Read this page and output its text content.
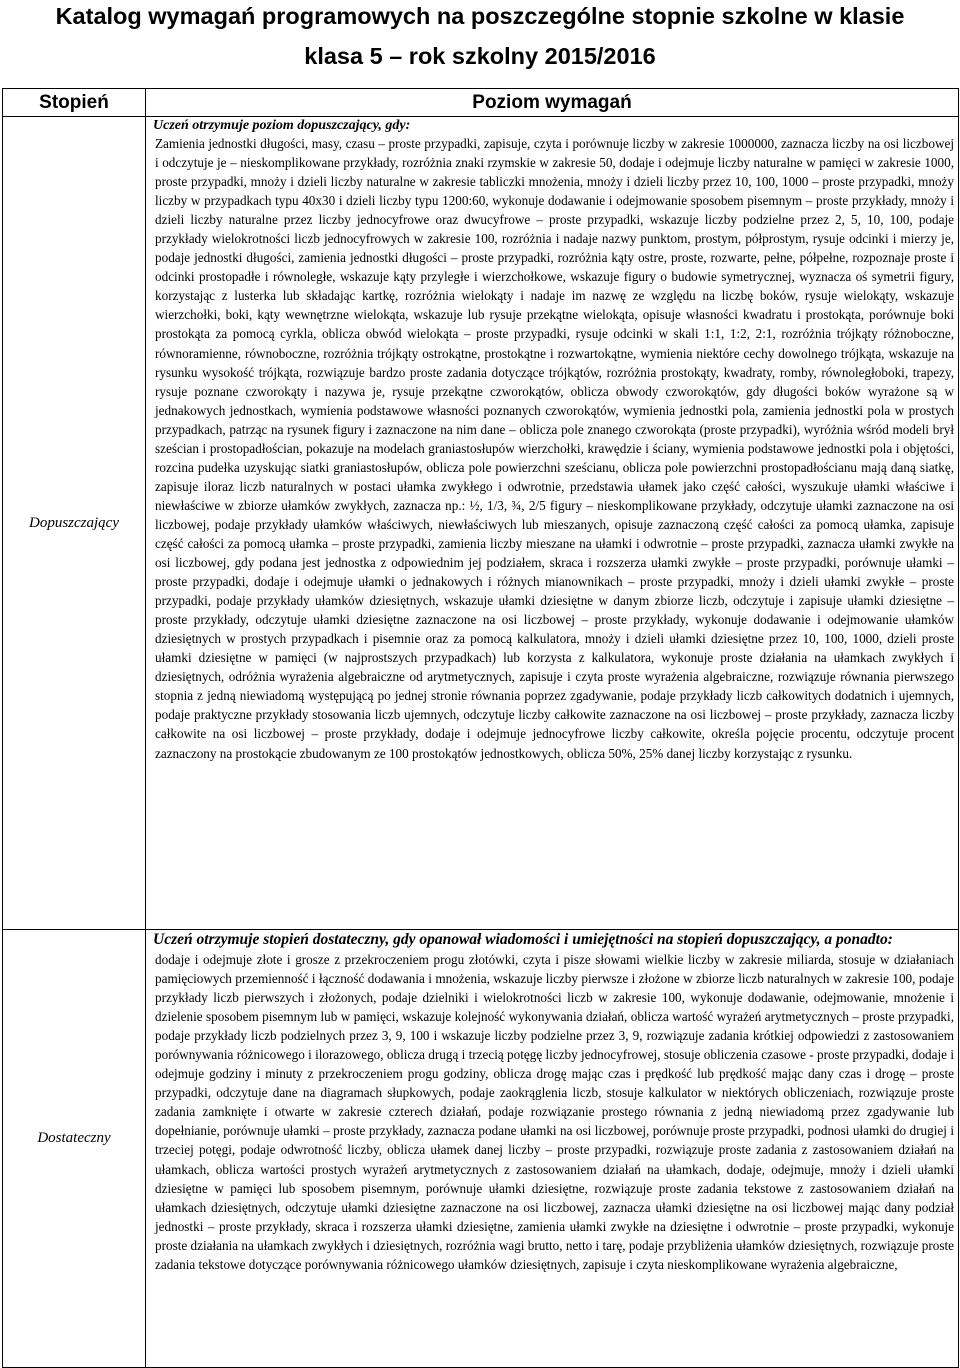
Katalog wymagań programowych na poszczególne stopnie szkolne w klasie
klasa 5 – rok szkolny 2015/2016
Stopień	Poziom wymagań
Dopuszczający	Uczeń otrzymuje poziom dopuszczający, gdy:

Zamienia jednostki długości, masy, czasu – proste przypadki, zapisuje, czyta i porównuje liczby w zakresie 1000000, zaznacza liczby na osi liczbowej i odczytuje je – nieskomplikowane przykłady, rozróżnia znaki rzymskie w zakresie 50, dodaje i odejmuje liczby naturalne w pamięci w zakresie 1000, proste przypadki, mnoży i dzieli liczby naturalne w zakresie tabliczki mnożenia, mnoży i dzieli liczby przez 10, 100, 1000 – proste przypadki, mnoży liczby w przypadkach typu 40x30 i dzieli liczby typu 1200:60, wykonuje dodawanie i odejmowanie sposobem pisemnym – proste przykłady, mnoży i dzieli liczby naturalne przez liczby jednocyfrowe oraz dwucyfrowe – proste przypadki, wskazuje liczby podzielne przez 2, 5, 10, 100, podaje przykłady wielokrotności liczb jednocyfrowych w zakresie 100, rozróżnia i nadaje nazwy punktom, prostym, półprostym, rysuje odcinki i mierzy je, podaje jednostki długości, zamienia jednostki długości – proste przypadki, rozróżnia kąty ostre, proste, rozwarte, pełne, półpełne, rozpoznaje proste i odcinki prostopadłe i równoległe, wskazuje kąty przyległe i wierzchołkowe, wskazuje figury o budowie symetrycznej, wyznacza oś symetrii figury, korzystając z lusterka lub składając kartkę, rozróżnia wielokąty i nadaje im nazwę ze względu na liczbę boków, rysuje wielokąty, wskazuje wierzchołki, boki, kąty wewnętrzne wielokąta, wskazuje lub rysuje przekątne wielokąta, opisuje własności kwadratu i prostokąta, porównuje boki prostokąta za pomocą cyrkla, oblicza obwód wielokąta – proste przypadki, rysuje odcinki w skali 1:1, 1:2, 2:1, rozróżnia trójkąty różnoboczne, równoramienne, równoboczne, rozróżnia trójkąty ostrokątne, prostokątne i rozwartokątne, wymienia niektóre cechy dowolnego trójkąta, wskazuje na rysunku wysokość trójkąta, rozwiązuje bardzo proste zadania dotyczące trójkątów, rozróżnia prostokąty, kwadraty, romby, równoległoboki, trapezy, rysuje poznane czworokąty i nazywa je, rysuje przekątne czworokątów, oblicza obwody czworokątów, gdy długości boków wyrażone są w jednakowych jednostkach, wymienia podstawowe własności poznanych czworokątów, wymienia jednostki pola, zamienia jednostki pola w prostych przypadkach, patrząc na rysunek figury i zaznaczone na nim dane – oblicza pole znanego czworokąta (proste przypadki), wyróżnia wśród modeli brył sześcian i prostopadłościan, pokazuje na modelach graniastosłupów wierzchołki, krawędzie i ściany, wymienia podstawowe jednostki pola i objętości, rozcina pudełka uzyskując siatki graniastosłupów, oblicza pole powierzchni sześcianu, oblicza pole powierzchni prostopadłościanu mają daną siatkę, zapisuje iloraz liczb naturalnych w postaci ułamka zwykłego i odwrotnie, przedstawia ułamek jako część całości, wyszukuje ułamki właściwe i niewłaściwe w zbiorze ułamków zwykłych, zaznacza np.: ½, 1/3, ¾, 2/5 figury – nieskomplikowane przykłady, odczytuje ułamki zaznaczone na osi liczbowej, podaje przykłady ułamków właściwych, niewłaściwych lub mieszanych, opisuje zaznaczoną część całości za pomocą ułamka, zapisuje część całości za pomocą ułamka – proste przypadki, zamienia liczby mieszane na ułamki i odwrotnie – proste przypadki, zaznacza ułamki zwykłe na osi liczbowej, gdy podana jest jednostka z odpowiednim jej podziałem, skraca i rozszerza ułamki zwykłe – proste przypadki, porównuje ułamki – proste przypadki, dodaje i odejmuje ułamki o jednakowych i różnych mianownikach – proste przypadki, mnoży i dzieli ułamki zwykłe – proste przypadki, podaje przykłady ułamków dziesiętnych, wskazuje ułamki dziesiętne w danym zbiorze liczb, odczytuje i zapisuje ułamki dziesiętne – proste przykłady, odczytuje ułamki dziesiętne zaznaczone na osi liczbowej – proste przykłady, wykonuje dodawanie i odejmowanie ułamków dziesiętnych w prostych przypadkach i pisemnie oraz za pomocą kalkulatora, mnoży i dzieli ułamki dziesiętne przez 10, 100, 1000, dzieli proste ułamki dziesiętne w pamięci (w najprostszych przypadkach) lub korzysta z kalkulatora, wykonuje proste działania na ułamkach zwykłych i dziesiętnych, odróżnia wyrażenia algebraiczne od arytmetycznych, zapisuje i czyta proste wyrażenia algebraiczne, rozwiązuje równania pierwszego stopnia z jedną niewiadomą występującą po jednej stronie równania poprzez zgadywanie, podaje przykłady liczb całkowitych dodatnich i ujemnych, podaje praktyczne przykłady stosowania liczb ujemnych, odczytuje liczby całkowite zaznaczone na osi liczbowej – proste przykłady, zaznacza liczby całkowite na osi liczbowej – proste przykłady, dodaje i odejmuje jednocyfrowe liczby całkowite, określa pojęcie procentu, odczytuje procent zaznaczony na prostokącie zbudowanym ze 100 prostokątów jednostkowych, oblicza 50%, 25% danej liczby korzystając z rysunku.

Dostateczny	Uczeń otrzymuje stopień dostateczny, gdy opanował wiadomości i umiejętności na stopień dopuszczający, a ponadto:

dodaje i odejmuje złote i grosze z przekroczeniem progu złotówki, czyta i pisze słowami wielkie liczby w zakresie miliarda, stosuje w działaniach pamięciowych przemienność i łączność dodawania i mnożenia, wskazuje liczby pierwsze i złożone w zbiorze liczb naturalnych w zakresie 100, podaje przykłady liczb pierwszych i złożonych, podaje dzielniki i wielokrotności liczb w zakresie 100, wykonuje dodawanie, odejmowanie, mnożenie i dzielenie sposobem pisemnym lub w pamięci, wskazuje kolejność wykonywania działań, oblicza wartość wyrażeń arytmetycznych – proste przypadki, podaje przykłady liczb podzielnych przez 3, 9, 100 i wskazuje liczby podzielne przez 3, 9, rozwiązuje zadania krótkiej odpowiedzi z zastosowaniem porównywania różnicowego i ilorazowego, oblicza drugą i trzecią potęgę liczby jednocyfrowej, stosuje obliczenia czasowe - proste przypadki, dodaje i odejmuje godziny i minuty z przekroczeniem progu godziny, oblicza drogę mając czas i prędkość lub prędkość mając dany czas i drogę – proste przypadki, odczytuje dane na diagramach słupkowych, podaje zaokrąglenia liczb, stosuje kalkulator w niektórych obliczeniach, rozwiązuje proste zadania zamknięte i otwarte w zakresie czterech działań, podaje rozwiązanie prostego równania z jedną niewiadomą przez zgadywanie lub dopełnianie, porównuje ułamki – proste przykłady, zaznacza podane ułamki na osi liczbowej, porównuje proste przypadki, podnosi ułamki do drugiej i trzeciej potęgi, podaje odwrotność liczby, oblicza ułamek danej liczby – proste przypadki, rozwiązuje proste zadania z zastosowaniem działań na ułamkach, oblicza wartości prostych wyrażeń arytmetycznych z zastosowaniem działań na ułamkach, dodaje, odejmuje, mnoży i dzieli ułamki dziesiętne w pamięci lub sposobem pisemnym, porównuje ułamki dziesiętne, rozwiązuje proste zadania tekstowe z zastosowaniem działań na ułamkach dziesiętnych, odczytuje ułamki dziesiętne zaznaczone na osi liczbowej, zaznacza ułamki dziesiętne na osi liczbowej mając dany podział jednostki – proste przykłady, skraca i rozszerza ułamki dziesiętne, zamienia ułamki zwykłe na dziesiętne i odwrotnie – proste przypadki, wykonuje proste działania na ułamkach zwykłych i dziesiętnych, rozróżnia wagi brutto, netto i tarę, podaje przybliżenia ułamków dziesiętnych, rozwiązuje proste zadania tekstowe dotyczące porównywania różnicowego ułamków dziesiętnych, zapisuje i czyta nieskomplikowane wyrażenia algebraiczne,
